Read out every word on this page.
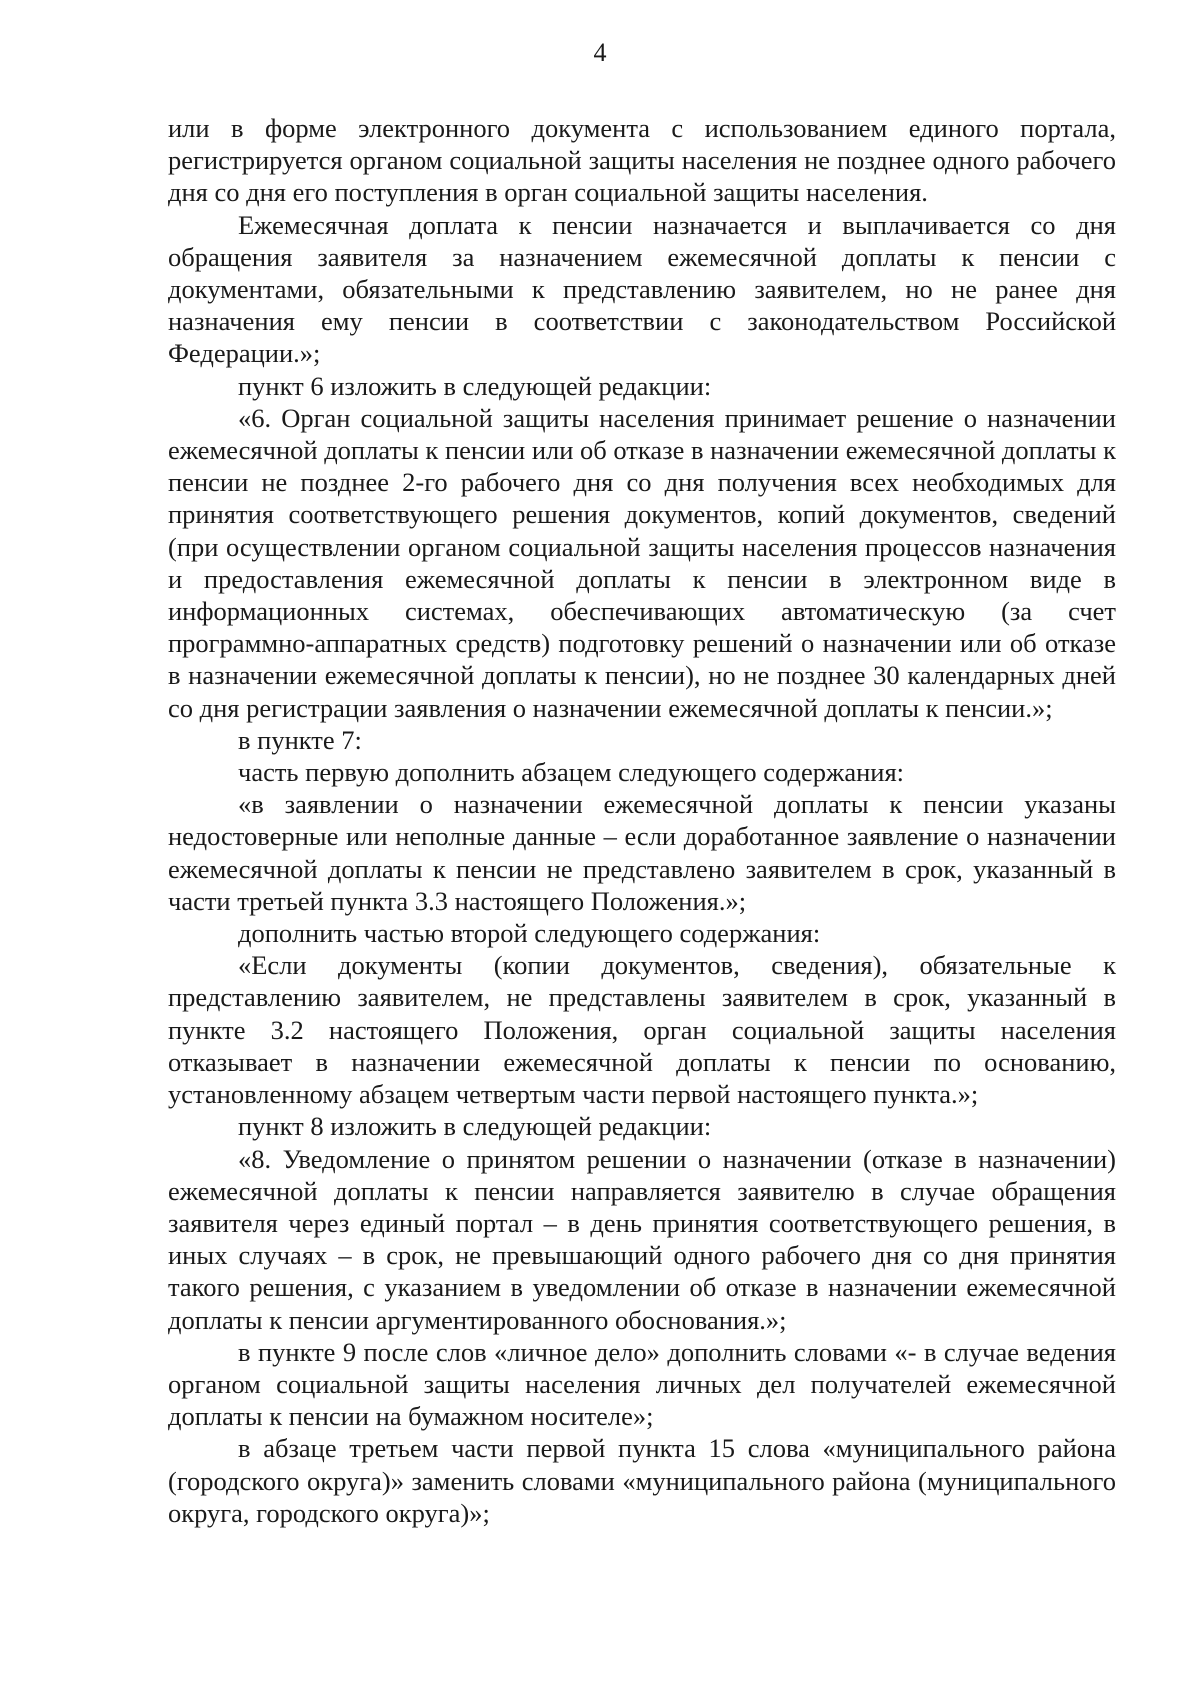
4

или в форме электронного документа с использованием единого портала, регистрируется органом социальной защиты населения не позднее одного рабочего дня со дня его поступления в орган социальной защиты населения.

Ежемесячная доплата к пенсии назначается и выплачивается со дня обращения заявителя за назначением ежемесячной доплаты к пенсии с документами, обязательными к представлению заявителем, но не ранее дня назначения ему пенсии в соответствии с законодательством Российской Федерации.»;

пункт 6 изложить в следующей редакции:

«6. Орган социальной защиты населения принимает решение о назначении ежемесячной доплаты к пенсии или об отказе в назначении ежемесячной доплаты к пенсии не позднее 2-го рабочего дня со дня получения всех необходимых для принятия соответствующего решения документов, копий документов, сведений (при осуществлении органом социальной защиты населения процессов назначения и предоставления ежемесячной доплаты к пенсии в электронном виде в информационных системах, обеспечивающих автоматическую (за счет программно-аппаратных средств) подготовку решений о назначении или об отказе в назначении ежемесячной доплаты к пенсии), но не позднее 30 календарных дней со дня регистрации заявления о назначении ежемесячной доплаты к пенсии.»;

в пункте 7:

часть первую дополнить абзацем следующего содержания:

«в заявлении о назначении ежемесячной доплаты к пенсии указаны недостоверные или неполные данные – если доработанное заявление о назначении ежемесячной доплаты к пенсии не представлено заявителем в срок, указанный в части третьей пункта 3.3 настоящего Положения.»;

дополнить частью второй следующего содержания:

«Если документы (копии документов, сведения), обязательные к представлению заявителем, не представлены заявителем в срок, указанный в пункте 3.2 настоящего Положения, орган социальной защиты населения отказывает в назначении ежемесячной доплаты к пенсии по основанию, установленному абзацем четвертым части первой настоящего пункта.»;

пункт 8 изложить в следующей редакции:

«8. Уведомление о принятом решении о назначении (отказе в назначении) ежемесячной доплаты к пенсии направляется заявителю в случае обращения заявителя через единый портал – в день принятия соответствующего решения, в иных случаях – в срок, не превышающий одного рабочего дня со дня принятия такого решения, с указанием в уведомлении об отказе в назначении ежемесячной доплаты к пенсии аргументированного обоснования.»;

в пункте 9 после слов «личное дело» дополнить словами «- в случае ведения органом социальной защиты населения личных дел получателей ежемесячной доплаты к пенсии на бумажном носителе»;

в абзаце третьем части первой пункта 15 слова «муниципального района (городского округа)» заменить словами «муниципального района (муниципального округа, городского округа)»;
